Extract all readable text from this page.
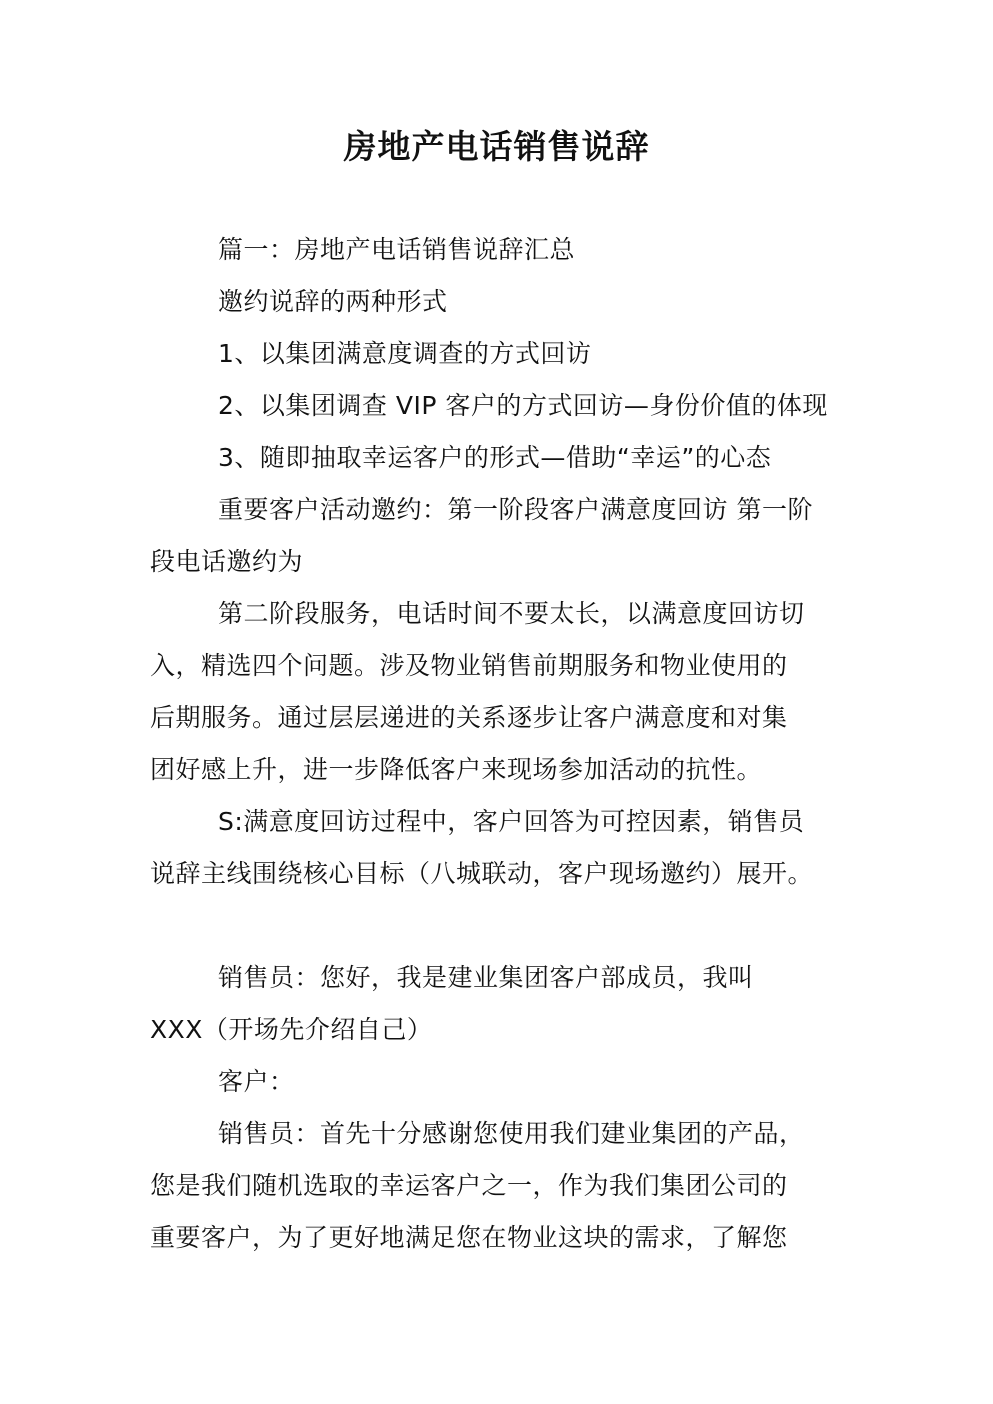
房地产电话销售说辞
篇一：房地产电话销售说辞汇总
邀约说辞的两种形式
1、以集团满意度调查的方式回访
2、以集团调查 VIP 客户的方式回访—身份价值的体现
3、随即抽取幸运客户的形式—借助“幸运”的心态
重要客户活动邀约：第一阶段客户满意度回访 第一阶
段电话邀约为
第二阶段服务，电话时间不要太长，以满意度回访切
入，精选四个问题。涉及物业销售前期服务和物业使用的
后期服务。通过层层递进的关系逐步让客户满意度和对集
团好感上升，进一步降低客户来现场参加活动的抗性。
S:满意度回访过程中，客户回答为可控因素，销售员
说辞主线围绕核心目标（八城联动，客户现场邀约）展开。
销售员：您好，我是建业集团客户部成员，我叫
XXX（开场先介绍自己）
客户：
销售员：首先十分感谢您使用我们建业集团的产品，
您是我们随机选取的幸运客户之一，作为我们集团公司的
重要客户，为了更好地满足您在物业这块的需求，了解您
